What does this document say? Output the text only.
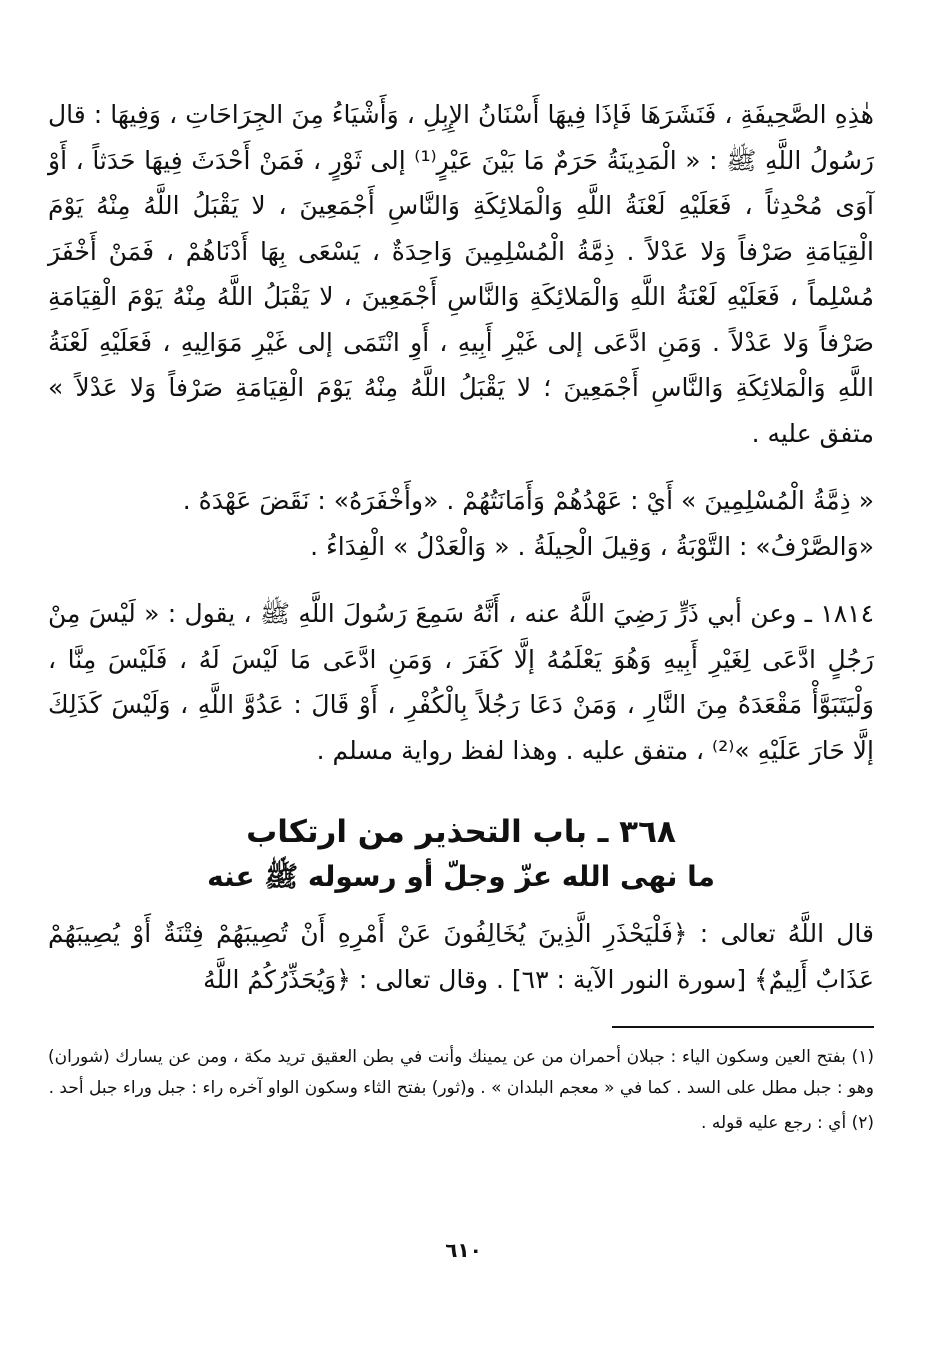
هٰذِهِ الصَّحِيفَةِ ، فَنَشَرَهَا فَإذَا فِيهَا أَسْنَانُ الإِبِلِ ، وَأَشْيَاءُ مِنَ الجِرَاحَاتِ ، وَفِيهَا : قال رَسُولُ اللَّهِ ﷺ : « الْمَدِينَةُ حَرَمٌ مَا بَيْنَ عَيْرٍ⁽¹⁾ إلى ثَوْرٍ ، فَمَنْ أَحْدَثَ فِيهَا حَدَثاً ، أَوْ آوَى مُحْدِثاً ، فَعَلَيْهِ لَعْنَةُ اللَّهِ وَالْمَلائِكَةِ وَالنَّاسِ أَجْمَعِينَ ، لا يَقْبَلُ اللَّهُ مِنْهُ يَوْمَ الْقِيَامَةِ صَرْفاً وَلا عَدْلاً . ذِمَّةُ الْمُسْلِمِينَ وَاحِدَةٌ ، يَسْعَى بِهَا أَدْنَاهُمْ ، فَمَنْ أَخْفَرَ مُسْلِماً ، فَعَلَيْهِ لَعْنَةُ اللَّهِ وَالْمَلائِكَةِ وَالنَّاسِ أَجْمَعِينَ ، لا يَقْبَلُ اللَّهُ مِنْهُ يَوْمَ الْقِيَامَةِ صَرْفاً وَلا عَدْلاً . وَمَنِ ادَّعَى إلى غَيْرِ أَبِيهِ ، أَوِ انْتَمَى إلى غَيْرِ مَوَالِيهِ ، فَعَلَيْهِ لَعْنَةُ اللَّهِ وَالْمَلائِكَةِ وَالنَّاسِ أَجْمَعِينَ ؛ لا يَقْبَلُ اللَّهُ مِنْهُ يَوْمَ الْقِيَامَةِ صَرْفاً وَلا عَدْلاً » متفق عليه .

« ذِمَّةُ الْمُسْلِمِينَ » أَيْ : عَهْدُهُمْ وَأَمَانَتُهُمْ . «وأَخْفَرَهُ» : نَقَضَ عَهْدَهُ .
«وَالصَّرْفُ» : التَّوْبَةُ ، وَقِيلَ الْحِيلَةُ . « وَالْعَدْلُ » الْفِدَاءُ .

١٨١٤ ـ وعن أبي ذَرٍّ رَضِيَ اللَّهُ عنه ، أَنَّهُ سَمِعَ رَسُولَ اللَّهِ ﷺ ، يقول : « لَيْسَ مِنْ رَجُلٍ ادَّعَى لِغَيْرِ أَبِيهِ وَهُوَ يَعْلَمُهُ إلَّا كَفَرَ ، وَمَنِ ادَّعَى مَا لَيْسَ لَهُ ، فَلَيْسَ مِنَّا ، وَلْيَتَبَوَّأْ مَقْعَدَهُ مِنَ النَّارِ ، وَمَنْ دَعَا رَجُلاً بِالْكُفْرِ ، أَوْ قَالَ : عَدُوَّ اللَّهِ ، وَلَيْسَ كَذَلِكَ إلَّا حَارَ عَلَيْهِ »⁽²⁾ ، متفق عليه . وهذا لفظ رواية مسلم .

٣٦٨ ـ باب التحذير من ارتكاب
ما نهى الله عزّ وجلّ أو رسوله ﷺ عنه

قال اللَّهُ تعالى : ﴿فَلْيَحْذَرِ الَّذِينَ يُخَالِفُونَ عَنْ أَمْرِهِ أَنْ تُصِيبَهُمْ فِتْنَةٌ أَوْ يُصِيبَهُمْ عَذَابٌ أَلِيمٌ﴾ [سورة النور الآية : ٦٣] . وقال تعالى : ﴿وَيُحَذِّرُكُمُ اللَّهُ

(١) بفتح العين وسكون الياء : جبلان أحمران من عن يمينك وأنت في بطن العقيق تريد مكة ، ومن عن يسارك (شوران) وهو : جبل مطل على السد . كما في « معجم البلدان » . و(ثور) بفتح الثاء وسكون الواو آخره راء : جبل وراء جبل أحد .

(٢) أي : رجع عليه قوله .

٦١٠
